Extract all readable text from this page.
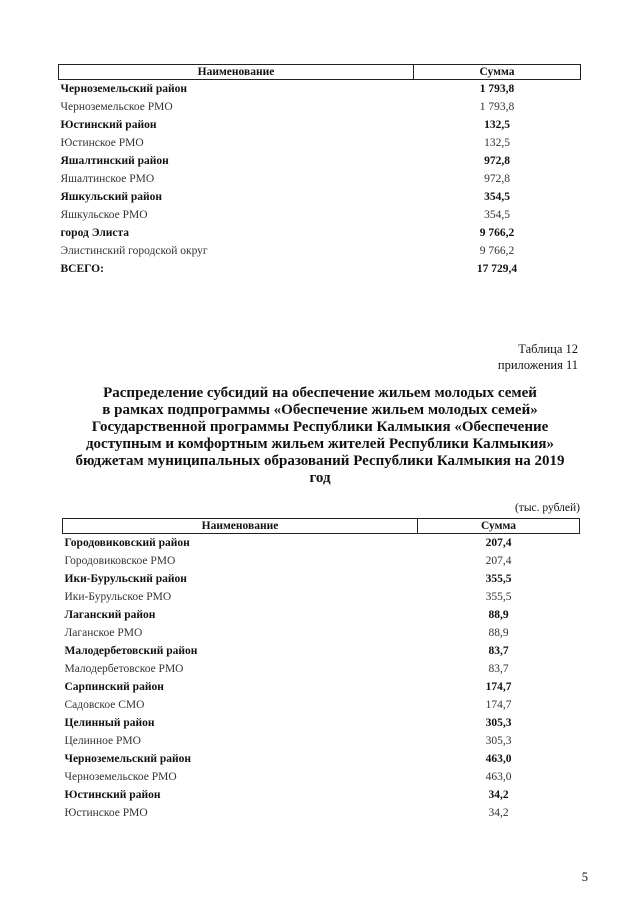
Наименование	Сумма
Черноземельский район	1 793,8
Черноземельское РМО	1 793,8
Юстинский район	132,5
Юстинское РМО	132,5
Яшалтинский район	972,8
Яшалтинское РМО	972,8
Яшкульский район	354,5
Яшкульское РМО	354,5
город Элиста	9 766,2
Элистинский городской округ	9 766,2
ВСЕГО:	17 729,4
Таблица 12
приложения 11
Распределение субсидий на обеспечение жильем молодых семей
в рамках подпрограммы «Обеспечение жильем молодых семей»
Государственной программы Республики Калмыкия «Обеспечение
доступным и комфортным жильем жителей Республики Калмыкия»
бюджетам муниципальных образований Республики Калмыкия на 2019
год
(тыс. рублей)
Наименование	Сумма
Городовиковский район	207,4
Городовиковское РМО	207,4
Ики-Бурульский район	355,5
Ики-Бурульское РМО	355,5
Лаганский район	88,9
Лаганское РМО	88,9
Малодербетовский район	83,7
Малодербетовское РМО	83,7
Сарпинский район	174,7
Садовское СМО	174,7
Целинный район	305,3
Целинное РМО	305,3
Черноземельский район	463,0
Черноземельское РМО	463,0
Юстинский район	34,2
Юстинское РМО	34,2
5
